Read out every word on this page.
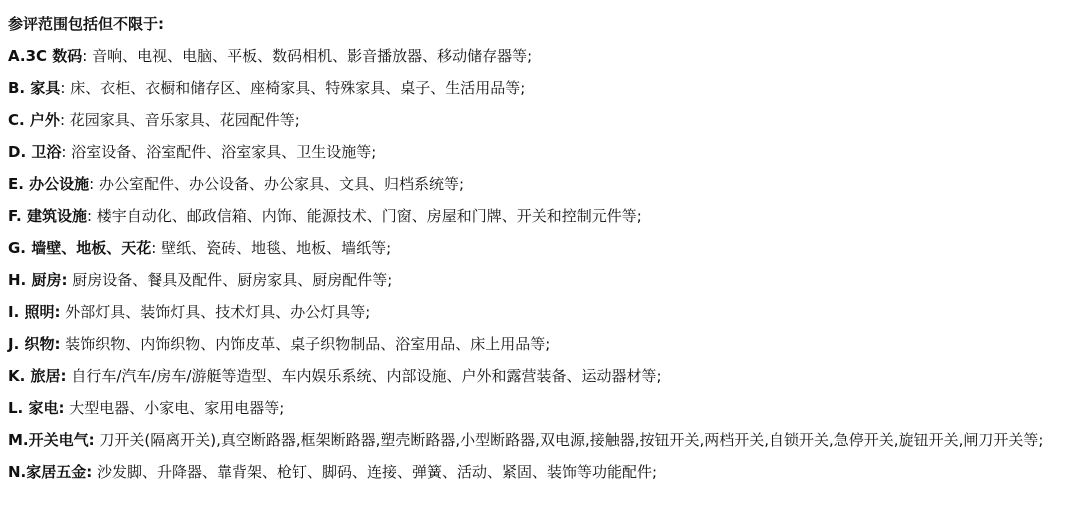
参评范围包括但不限于:
A.3C 数码: 音响、电视、电脑、平板、数码相机、影音播放器、移动储存器等;
B. 家具: 床、衣柜、衣橱和储存区、座椅家具、特殊家具、桌子、生活用品等;
C. 户外: 花园家具、音乐家具、花园配件等;
D. 卫浴: 浴室设备、浴室配件、浴室家具、卫生设施等;
E. 办公设施: 办公室配件、办公设备、办公家具、文具、归档系统等;
F. 建筑设施: 楼宇自动化、邮政信箱、内饰、能源技术、门窗、房屋和门牌、开关和控制元件等;
G. 墙壁、地板、天花: 壁纸、瓷砖、地毯、地板、墙纸等;
H. 厨房: 厨房设备、餐具及配件、厨房家具、厨房配件等;
I. 照明: 外部灯具、装饰灯具、技术灯具、办公灯具等;
J. 织物: 装饰织物、内饰织物、内饰皮革、桌子织物制品、浴室用品、床上用品等;
K. 旅居: 自行车/汽车/房车/游艇等造型、车内娱乐系统、内部设施、户外和露营装备、运动器材等;
L. 家电: 大型电器、小家电、家用电器等;
M.开关电气: 刀开关(隔离开关),真空断路器,框架断路器,塑壳断路器,小型断路器,双电源,接触器,按钮开关,两档开关,自锁开关,急停开关,旋钮开关,闸刀开关等;
N.家居五金: 沙发脚、升降器、靠背架、枪钉、脚码、连接、弹簧、活动、紧固、装饰等功能配件;
